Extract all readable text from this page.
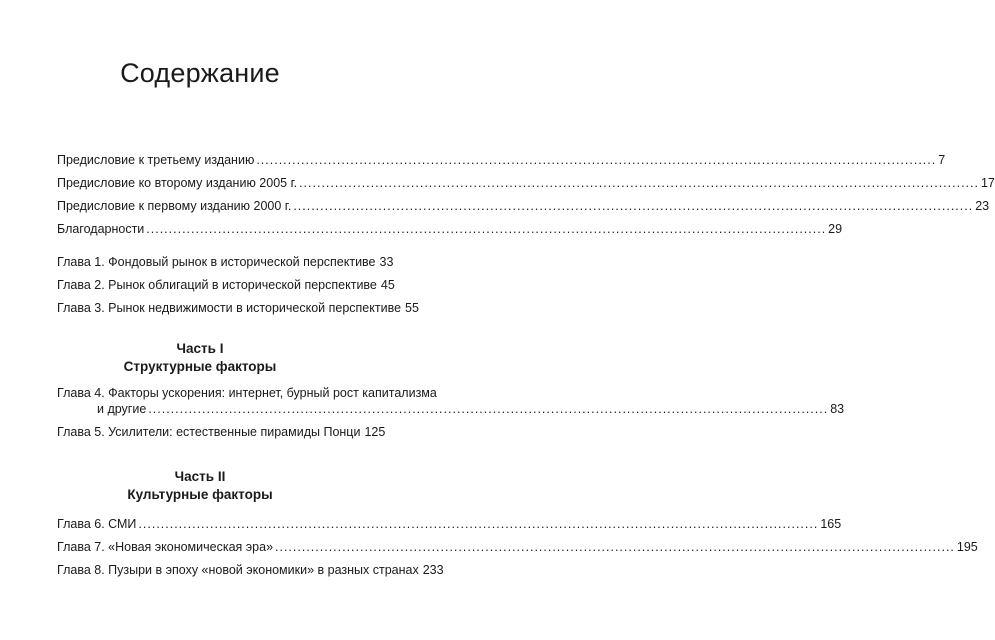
Содержание
Предисловие к третьему изданию .....	7
Предисловие ко второму изданию 2005 г. .....	17
Предисловие к первому изданию 2000 г. .....	23
Благодарности .....	29
Глава 1. Фондовый рынок в исторической перспективе 33
Глава 2. Рынок облигаций в исторической перспективе 45
Глава 3. Рынок недвижимости в исторической перспективе 55
Часть I
Структурные факторы
Глава 4. Факторы ускорения: интернет, бурный рост капитализма
и другие .....	83
Глава 5. Усилители: естественные пирамиды Понци 125
Часть II
Культурные факторы
Глава 6. СМИ .....	165
Глава 7. «Новая экономическая эра» .....	195
Глава 8. Пузыри в эпоху «новой экономики» в разных странах 233
